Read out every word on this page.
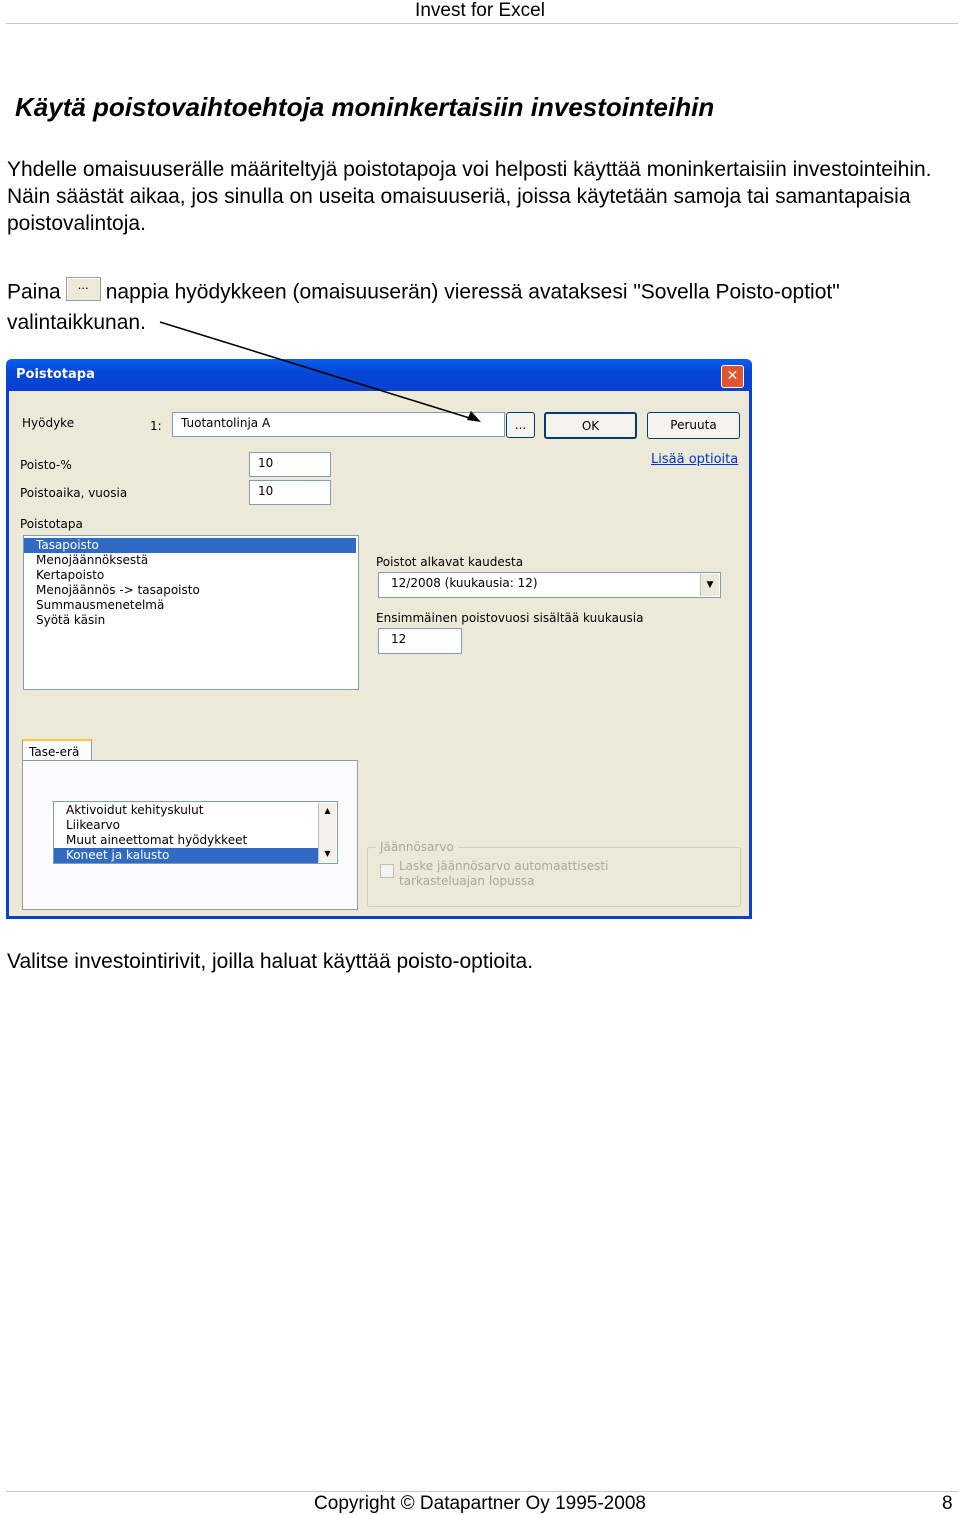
Invest for Excel
Käytä poistovaihtoehtoja moninkertaisiin investointeihin
Yhdelle omaisuuserälle määriteltyjä poistotapoja voi helposti käyttää moninkertaisiin investointeihin. Näin säästät aikaa, jos sinulla on useita omaisuuseriä, joissa käytetään samoja tai samantapaisia poistovalintoja.
Paina ... nappia hyödykkeen (omaisuuserän) vieressä avataksesi "Sovella Poisto-optiot" valintaikkunan.
Poistotapa	✕
Hyödyke	1:	Tuotantolinja A	...	OK	Peruuta
Lisää optioita
Poisto-%	10
Poistoaika, vuosia	10
Poistotapa
Tasapoisto
Menojäännöksestä
Kertapoisto
Menojäännös -> tasapoisto
Summausmenetelmä
Syötä käsin
Poistot alkavat kaudesta
12/2008 (kuukausia: 12)	▼
Ensimmäinen poistovuosi sisältää kuukausia
12
Tase-erä
Aktivoidut kehityskulut
Liikearvo
Muut aineettomat hyödykkeet
Koneet ja kalusto
▲
▼	Jäännösarvo
Laske jäännösarvo automaattisesti tarkasteluajan lopussa
Valitse investointirivit, joilla haluat käyttää poisto-optioita.
Copyright © Datapartner Oy 1995-2008	8
